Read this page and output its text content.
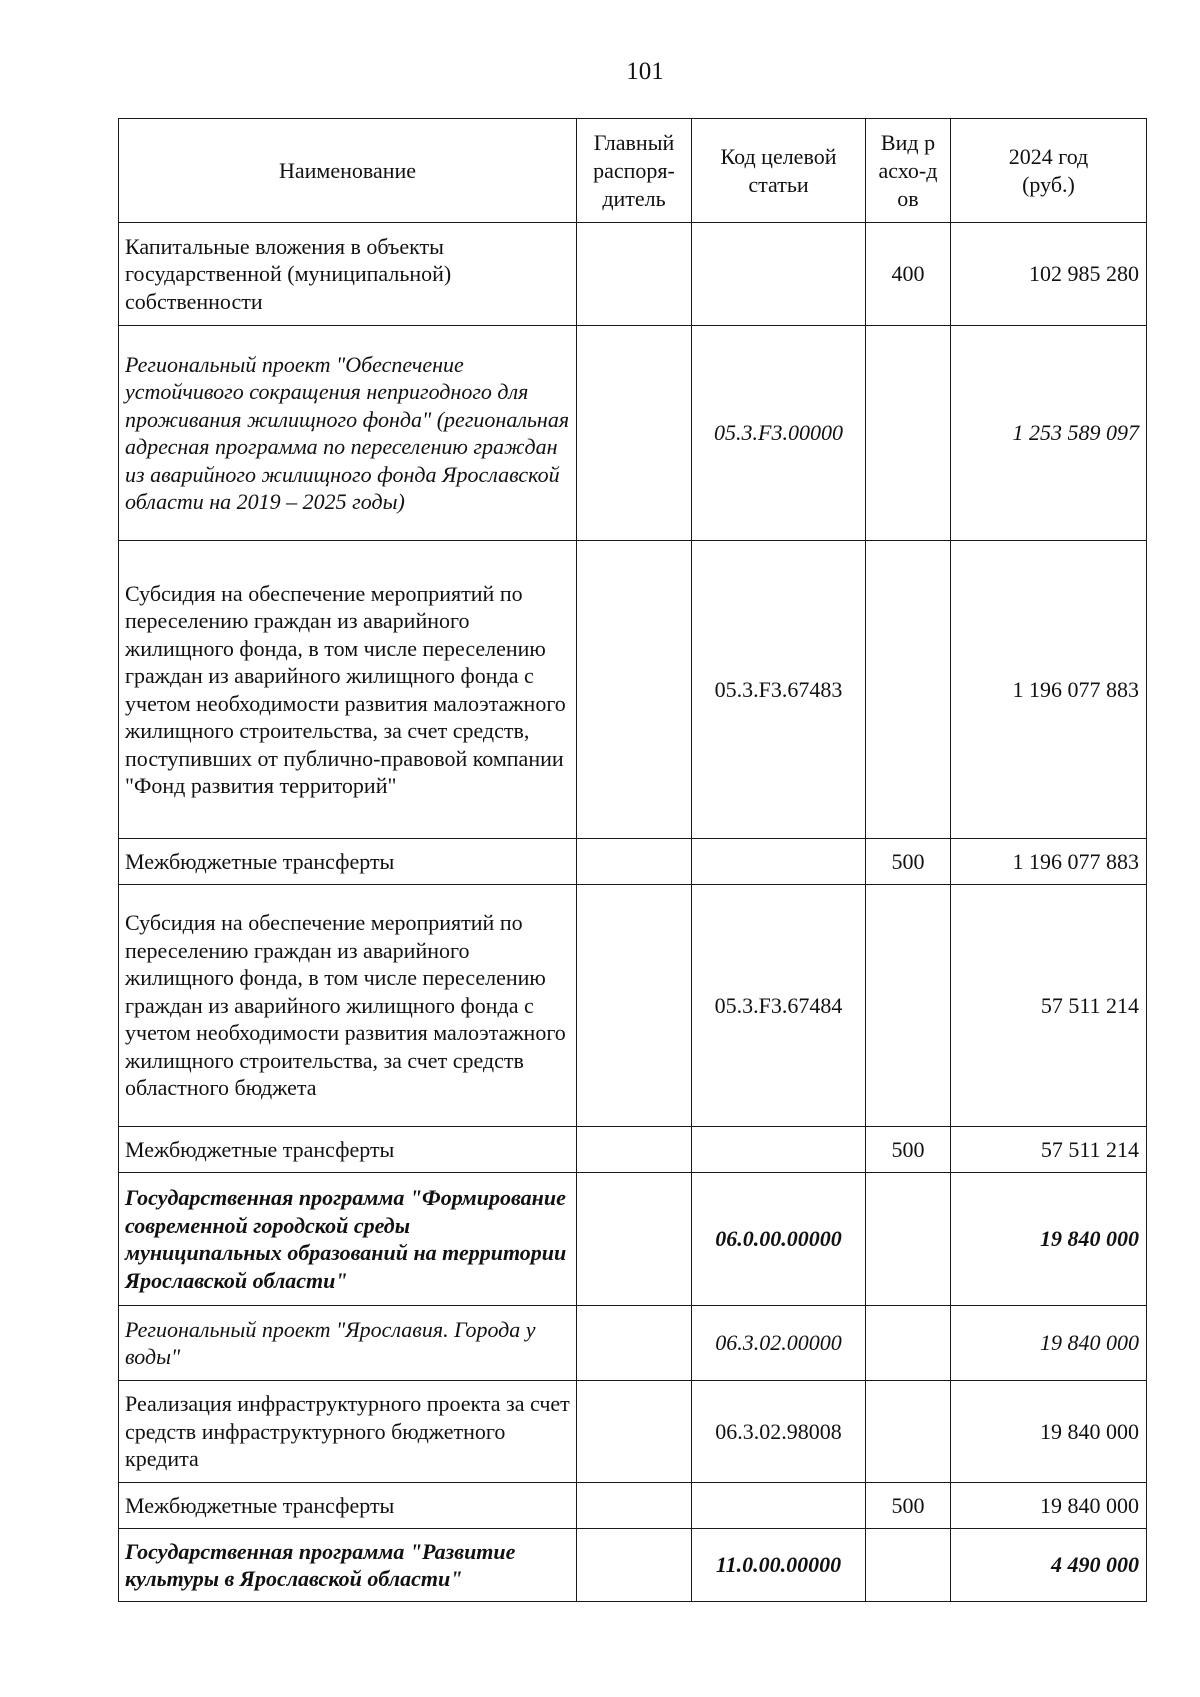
101
Наименование	Главный распоря-дитель	Код целевой статьи	Вид расхо-дов	2024 год (руб.)
Капитальные вложения в объекты государственной (муниципальной) собственности			400	102 985 280
Региональный проект "Обеспечение устойчивого сокращения непригодного для проживания жилищного фонда" (региональная адресная программа по переселению граждан из аварийного жилищного фонда Ярославской области на 2019 – 2025 годы)		05.3.F3.00000		1 253 589 097
Субсидия на обеспечение мероприятий по переселению граждан из аварийного жилищного фонда, в том числе переселению граждан из аварийного жилищного фонда с учетом необходимости развития малоэтажного жилищного строительства, за счет средств, поступивших от публично-правовой компании "Фонд развития территорий"		05.3.F3.67483		1 196 077 883
Межбюджетные трансферты			500	1 196 077 883
Субсидия на обеспечение мероприятий по переселению граждан из аварийного жилищного фонда, в том числе переселению граждан из аварийного жилищного фонда с учетом необходимости развития малоэтажного жилищного строительства, за счет средств областного бюджета		05.3.F3.67484		57 511 214
Межбюджетные трансферты			500	57 511 214
Государственная программа "Формирование современной городской среды муниципальных образований на территории Ярославской области"		06.0.00.00000		19 840 000
Региональный проект "Ярославия. Города у воды"		06.3.02.00000		19 840 000
Реализация инфраструктурного проекта за счет средств инфраструктурного бюджетного кредита		06.3.02.98008		19 840 000
Межбюджетные трансферты			500	19 840 000
Государственная программа "Развитие культуры в Ярославской области"		11.0.00.00000		4 490 000
